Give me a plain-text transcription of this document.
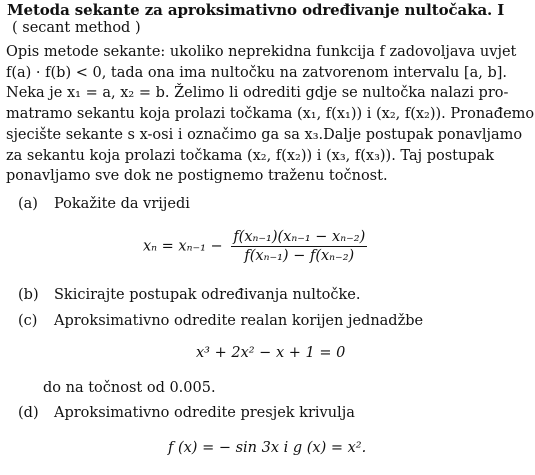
Metoda sekante za aproksimativno određivanje nultočaka. I
( secant method )
Opis metode sekante: ukoliko neprekidna funkcija f zadovoljava uvjet
f(a) · f(b) < 0, tada ona ima nultočku na zatvorenom intervalu [a, b].
Neka je x₁ = a, x₂ = b. Želimo li odrediti gdje se nultočka nalazi pro-
matramo sekantu koja prolazi točkama (x₁, f(x₁)) i (x₂, f(x₂)). Pronađemo
sjecište sekante s x-osi i označimo ga sa x₃.Dalje postupak ponavljamo
za sekantu koja prolazi točkama (x₂, f(x₂)) i (x₃, f(x₃)). Taj postupak
ponavljamo sve dok ne postignemo traženu točnost.
(a) Pokažite da vrijedi
$x_n = x_{n-1} - \frac{\text{f(xₙ₋₁)(xₙ₋₁ − xₙ₋₂)}}{\text{f(xₙ₋₁) − f(xₙ₋₂)}}$
(b) Skicirajte postupak određivanja nultočke.
(c) Aproksimativno odredite realan korijen jednadžbe
x³ + 2x² − x + 1 = 0
do na točnost od 0.005.
(d) Aproksimativno odredite presjek krivulja
f (x) = − sin 3x i g (x) = x².
